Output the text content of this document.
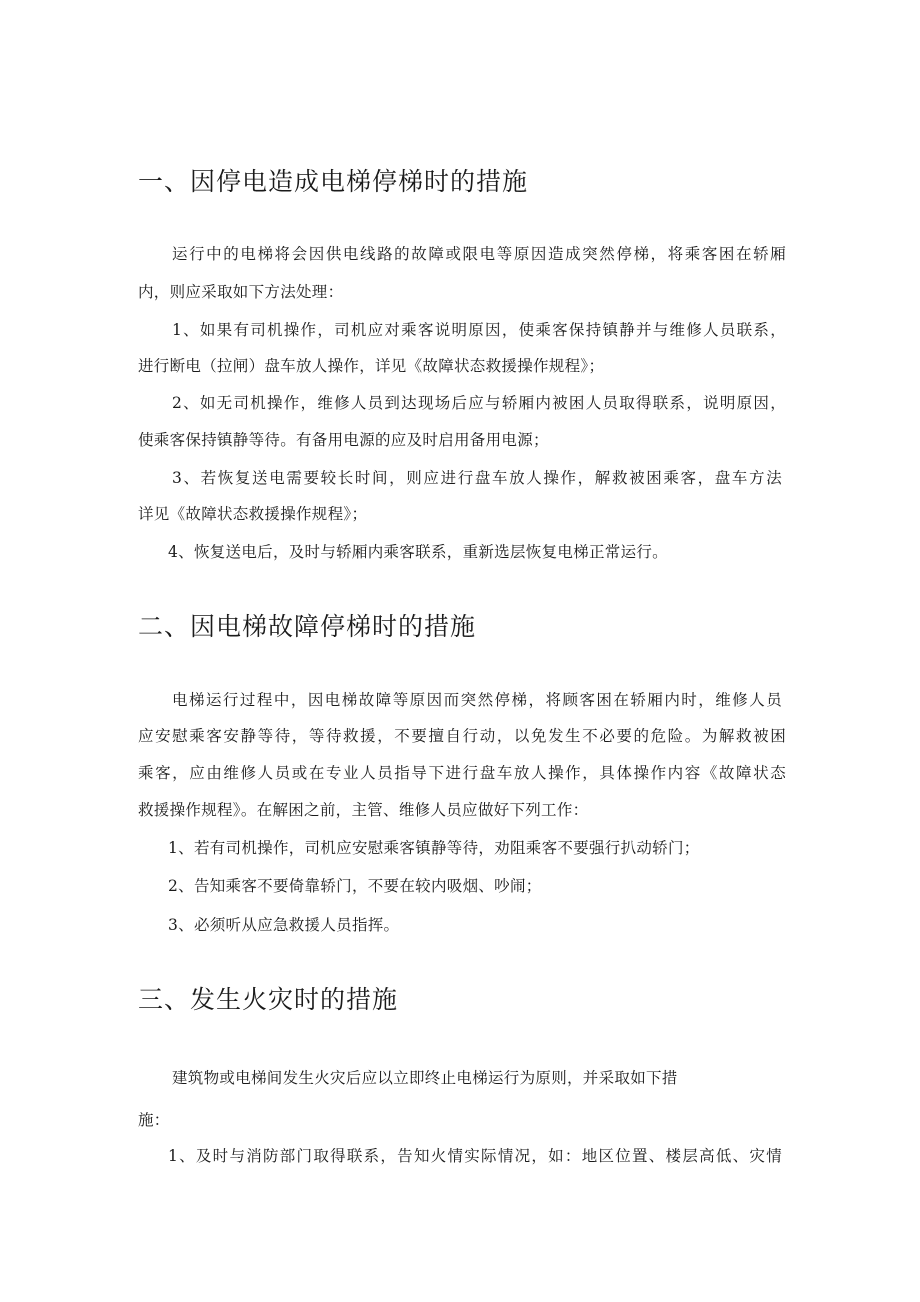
一、因停电造成电梯停梯时的措施

运行中的电梯将会因供电线路的故障或限电等原因造成突然停梯，将乘客困在轿厢

内，则应采取如下方法处理：

1、如果有司机操作，司机应对乘客说明原因，使乘客保持镇静并与维修人员联系，

进行断电（拉闸）盘车放人操作，详见《故障状态救援操作规程》；

2、如无司机操作，维修人员到达现场后应与轿厢内被困人员取得联系，说明原因，

使乘客保持镇静等待。有备用电源的应及时启用备用电源；

3、若恢复送电需要较长时间，则应进行盘车放人操作，解救被困乘客，盘车方法

详见《故障状态救援操作规程》；

4、恢复送电后，及时与轿厢内乘客联系，重新选层恢复电梯正常运行。

二、因电梯故障停梯时的措施

电梯运行过程中，因电梯故障等原因而突然停梯，将顾客困在轿厢内时，维修人员

应安慰乘客安静等待，等待救援，不要擅自行动，以免发生不必要的危险。为解救被困

乘客，应由维修人员或在专业人员指导下进行盘车放人操作，具体操作内容《故障状态

救援操作规程》。在解困之前，主管、维修人员应做好下列工作：

1、若有司机操作，司机应安慰乘客镇静等待，劝阻乘客不要强行扒动轿门；

2、告知乘客不要倚靠轿门，不要在较内吸烟、吵闹；

3、必须听从应急救援人员指挥。

三、发生火灾时的措施

建筑物或电梯间发生火灾后应以立即终止电梯运行为原则，并采取如下措

施：

1、及时与消防部门取得联系，告知火情实际情况，如：地区位置、楼层高低、灾情
